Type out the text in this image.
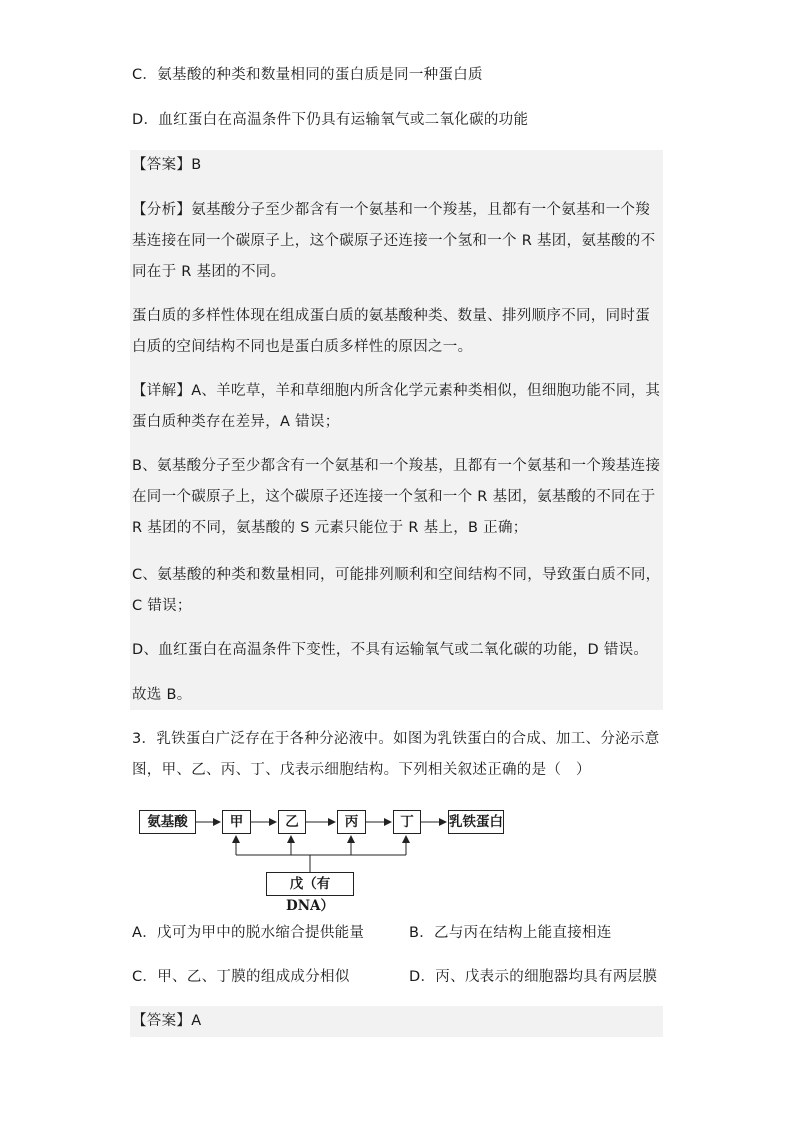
C．氨基酸的种类和数量相同的蛋白质是同一种蛋白质

D．血红蛋白在高温条件下仍具有运输氧气或二氧化碳的功能

【答案】B

【分析】氨基酸分子至少都含有一个氨基和一个羧基，且都有一个氨基和一个羧基连接在同一个碳原子上，这个碳原子还连接一个氢和一个 R 基团，氨基酸的不同在于 R 基团的不同。

蛋白质的多样性体现在组成蛋白质的氨基酸种类、数量、排列顺序不同，同时蛋白质的空间结构不同也是蛋白质多样性的原因之一。

【详解】A、羊吃草，羊和草细胞内所含化学元素种类相似，但细胞功能不同，其蛋白质种类存在差异，A 错误；

B、氨基酸分子至少都含有一个氨基和一个羧基，且都有一个氨基和一个羧基连接在同一个碳原子上，这个碳原子还连接一个氢和一个 R 基团，氨基酸的不同在于 R 基团的不同，氨基酸的 S 元素只能位于 R 基上，B 正确；

C、氨基酸的种类和数量相同，可能排列顺利和空间结构不同，导致蛋白质不同，C 错误；

D、血红蛋白在高温条件下变性，不具有运输氧气或二氧化碳的功能，D 错误。

故选 B。

3．乳铁蛋白广泛存在于各种分泌液中。如图为乳铁蛋白的合成、加工、分泌示意图，甲、乙、丙、丁、戊表示细胞结构。下列相关叙述正确的是（　）

氨基酸	甲	乙	丙	丁	乳铁蛋白
戊（有 DNA）
A．戊可为甲中的脱水缩合提供能量	B．乙与丙在结构上能直接相连
C．甲、乙、丁膜的组成成分相似	D．丙、戊表示的细胞器均具有两层膜

【答案】A
